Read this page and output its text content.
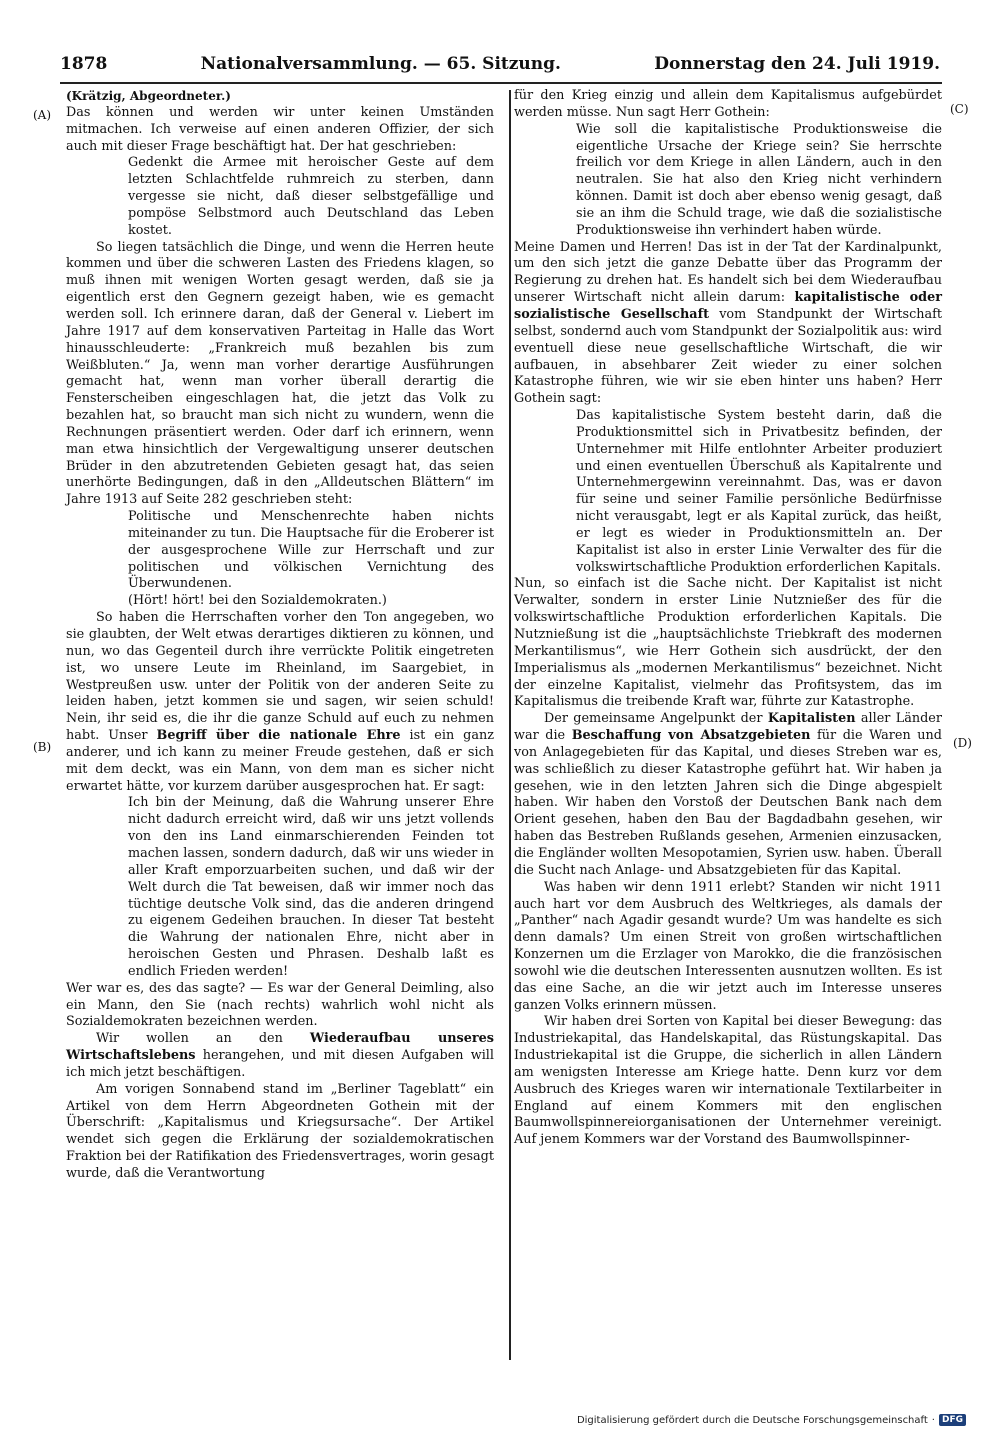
1878	Nationalversammlung. — 65. Sitzung.	Donnerstag den 24. Juli 1919.
(A)
(B)
(C)
(D)

(Krätzig, Abgeordneter.)

Das können und werden wir unter keinen Umständen mitmachen. Ich verweise auf einen anderen Offizier, der sich auch mit dieser Frage beschäftigt hat. Der hat geschrieben:

Gedenkt die Armee mit heroischer Geste auf dem letzten Schlachtfelde ruhmreich zu sterben, dann vergesse sie nicht, daß dieser selbstgefällige und pompöse Selbstmord auch Deutschland das Leben kostet.

So liegen tatsächlich die Dinge, und wenn die Herren heute kommen und über die schweren Lasten des Friedens klagen, so muß ihnen mit wenigen Worten gesagt werden, daß sie ja eigentlich erst den Gegnern gezeigt haben, wie es gemacht werden soll. Ich erinnere daran, daß der General v. Liebert im Jahre 1917 auf dem konservativen Parteitag in Halle das Wort hinausschleuderte: „Frankreich muß bezahlen bis zum Weißbluten.“ Ja, wenn man vorher derartige Ausführungen gemacht hat, wenn man vorher überall derartig die Fensterscheiben eingeschlagen hat, die jetzt das Volk zu bezahlen hat, so braucht man sich nicht zu wundern, wenn die Rechnungen präsentiert werden. Oder darf ich erinnern, wenn man etwa hinsichtlich der Vergewaltigung unserer deutschen Brüder in den abzutretenden Gebieten gesagt hat, das seien unerhörte Bedingungen, daß in den „Alldeutschen Blättern“ im Jahre 1913 auf Seite 282 geschrieben steht:

Politische und Menschenrechte haben nichts miteinander zu tun. Die Hauptsache für die Eroberer ist der ausgesprochene Wille zur Herrschaft und zur politischen und völkischen Vernichtung des Überwundenen.

(Hört! hört! bei den Sozialdemokraten.)

So haben die Herrschaften vorher den Ton angegeben, wo sie glaubten, der Welt etwas derartiges diktieren zu können, und nun, wo das Gegenteil durch ihre verrückte Politik eingetreten ist, wo unsere Leute im Rheinland, im Saargebiet, in Westpreußen usw. unter der Politik von der anderen Seite zu leiden haben, jetzt kommen sie und sagen, wir seien schuld! Nein, ihr seid es, die ihr die ganze Schuld auf euch zu nehmen habt. Unser Begriff über die nationale Ehre ist ein ganz anderer, und ich kann zu meiner Freude gestehen, daß er sich mit dem deckt, was ein Mann, von dem man es sicher nicht erwartet hätte, vor kurzem darüber ausgesprochen hat. Er sagt:

Ich bin der Meinung, daß die Wahrung unserer Ehre nicht dadurch erreicht wird, daß wir uns jetzt vollends von den ins Land einmarschierenden Feinden tot machen lassen, sondern dadurch, daß wir uns wieder in aller Kraft emporzuarbeiten suchen, und daß wir der Welt durch die Tat beweisen, daß wir immer noch das tüchtige deutsche Volk sind, das die anderen dringend zu eigenem Gedeihen brauchen. In dieser Tat besteht die Wahrung der nationalen Ehre, nicht aber in heroischen Gesten und Phrasen. Deshalb laßt es endlich Frieden werden!

Wer war es, des das sagte? — Es war der General Deimling, also ein Mann, den Sie (nach rechts) wahrlich wohl nicht als Sozialdemokraten bezeichnen werden.

Wir wollen an den Wiederaufbau unseres Wirtschaftslebens herangehen, und mit diesen Aufgaben will ich mich jetzt beschäftigen.

Am vorigen Sonnabend stand im „Berliner Tageblatt“ ein Artikel von dem Herrn Abgeordneten Gothein mit der Überschrift: „Kapitalismus und Kriegsursache“. Der Artikel wendet sich gegen die Erklärung der sozialdemokratischen Fraktion bei der Ratifikation des Friedensvertrages, worin gesagt wurde, daß die Verantwortung

für den Krieg einzig und allein dem Kapitalismus aufgebürdet werden müsse. Nun sagt Herr Gothein:

Wie soll die kapitalistische Produktionsweise die eigentliche Ursache der Kriege sein? Sie herrschte freilich vor dem Kriege in allen Ländern, auch in den neutralen. Sie hat also den Krieg nicht verhindern können. Damit ist doch aber ebenso wenig gesagt, daß sie an ihm die Schuld trage, wie daß die sozialistische Produktionsweise ihn verhindert haben würde.

Meine Damen und Herren! Das ist in der Tat der Kardinalpunkt, um den sich jetzt die ganze Debatte über das Programm der Regierung zu drehen hat. Es handelt sich bei dem Wiederaufbau unserer Wirtschaft nicht allein darum: kapitalistische oder sozialistische Gesellschaft vom Standpunkt der Wirtschaft selbst, sondernd auch vom Standpunkt der Sozialpolitik aus: wird eventuell diese neue gesellschaftliche Wirtschaft, die wir aufbauen, in absehbarer Zeit wieder zu einer solchen Katastrophe führen, wie wir sie eben hinter uns haben? Herr Gothein sagt:

Das kapitalistische System besteht darin, daß die Produktionsmittel sich in Privatbesitz befinden, der Unternehmer mit Hilfe entlohnter Arbeiter produziert und einen eventuellen Überschuß als Kapitalrente und Unternehmergewinn vereinnahmt. Das, was er davon für seine und seiner Familie persönliche Bedürfnisse nicht verausgabt, legt er als Kapital zurück, das heißt, er legt es wieder in Produktionsmitteln an. Der Kapitalist ist also in erster Linie Verwalter des für die volkswirtschaftliche Produktion erforderlichen Kapitals.

Nun, so einfach ist die Sache nicht. Der Kapitalist ist nicht Verwalter, sondern in erster Linie Nutznießer des für die volkswirtschaftliche Produktion erforderlichen Kapitals. Die Nutznießung ist die „hauptsächlichste Triebkraft des modernen Merkantilismus“, wie Herr Gothein sich ausdrückt, der den Imperialismus als „modernen Merkantilismus“ bezeichnet. Nicht der einzelne Kapitalist, vielmehr das Profitsystem, das im Kapitalismus die treibende Kraft war, führte zur Katastrophe.

Der gemeinsame Angelpunkt der Kapitalisten aller Länder war die Beschaffung von Absatzgebieten für die Waren und von Anlagegebieten für das Kapital, und dieses Streben war es, was schließlich zu dieser Katastrophe geführt hat. Wir haben ja gesehen, wie in den letzten Jahren sich die Dinge abgespielt haben. Wir haben den Vorstoß der Deutschen Bank nach dem Orient gesehen, haben den Bau der Bagdadbahn gesehen, wir haben das Bestreben Rußlands gesehen, Armenien einzusacken, die Engländer wollten Mesopotamien, Syrien usw. haben. Überall die Sucht nach Anlage- und Absatzgebieten für das Kapital.

Was haben wir denn 1911 erlebt? Standen wir nicht 1911 auch hart vor dem Ausbruch des Weltkrieges, als damals der „Panther“ nach Agadir gesandt wurde? Um was handelte es sich denn damals? Um einen Streit von großen wirtschaftlichen Konzernen um die Erzlager von Marokko, die die französischen sowohl wie die deutschen Interessenten ausnutzen wollten. Es ist das eine Sache, an die wir jetzt auch im Interesse unseres ganzen Volks erinnern müssen.

Wir haben drei Sorten von Kapital bei dieser Bewegung: das Industriekapital, das Handelskapital, das Rüstungskapital. Das Industriekapital ist die Gruppe, die sicherlich in allen Ländern am wenigsten Interesse am Kriege hatte. Denn kurz vor dem Ausbruch des Krieges waren wir internationale Textilarbeiter in England auf einem Kommers mit den englischen Baumwollspinnereiorganisationen der Unternehmer vereinigt. Auf jenem Kommers war der Vorstand des Baumwollspinner-

Digitalisierung gefördert durch die Deutsche Forschungsgemeinschaft · DFG
